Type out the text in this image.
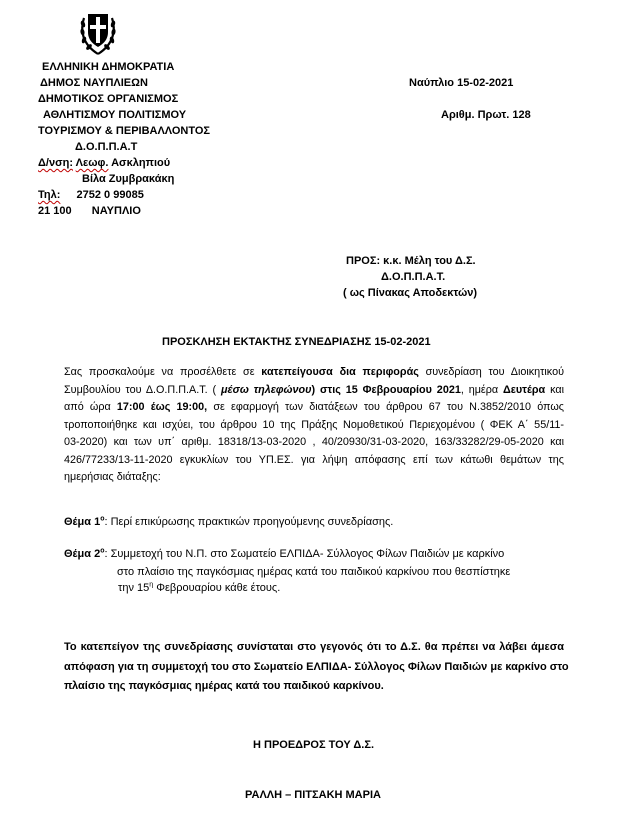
ΕΛΛΗΝΙΚΗ ΔΗΜΟΚΡΑΤΙΑ
ΔΗΜΟΣ ΝΑΥΠΛΙΕΩΝ
ΔΗΜΟΤΙΚΟΣ ΟΡΓΑΝΙΣΜΟΣ
ΑΘΛΗΤΙΣΜΟΥ ΠΟΛΙΤΙΣΜΟΥ
ΤΟΥΡΙΣΜΟΥ & ΠΕΡΙΒΑΛΛΟΝΤΟΣ
Δ.Ο.Π.Π.Α.Τ
Δ/νση: Λεωφ. Ασκληπιού
Βίλα Ζυμβρακάκη
Τηλ: 2752 0 99085
21 100 ΝΑΥΠΛΙΟ
Ναύπλιο 15-02-2021
Αριθμ. Πρωτ. 128
ΠΡΟΣ: κ.κ. Μέλη του Δ.Σ.
Δ.Ο.Π.Π.Α.Τ.
( ως Πίνακας Αποδεκτών)
ΠΡΟΣΚΛΗΣΗ ΕΚΤΑΚΤΗΣ ΣΥΝΕΔΡΙΑΣΗΣ 15-02-2021
Σας προσκαλούμε να προσέλθετε σε κατεπείγουσα δια περιφοράς συνεδρίαση του Διοικητικού
Συμβουλίου του Δ.Ο.Π.Π.Α.Τ. ( μέσω τηλεφώνου) στις 15 Φεβρουαρίου 2021, ημέρα Δευτέρα και
από ώρα 17:00 έως 19:00, σε εφαρμογή των διατάξεων του άρθρου 67 του Ν.3852/2010 όπως
τροποποιήθηκε και ισχύει, του άρθρου 10 της Πράξης Νομοθετικού Περιεχομένου ( ΦΕΚ Α΄ 55/11-
03-2020) και των υπ΄ αριθμ. 18318/13-03-2020 , 40/20930/31-03-2020, 163/33282/29-05-2020 και
426/77233/13-11-2020 εγκυκλίων του ΥΠ.ΕΣ. για λήψη απόφασης επί των κάτωθι θεμάτων της
ημερήσιας διάταξης:
Θέμα $1^o$: Περί επικύρωσης πρακτικών προηγούμενης συνεδρίασης.
Θέμα $2^o$: Συμμετοχή του Ν.Π. στο Σωματείο ΕΛΠΙΔΑ- Σύλλογος Φίλων Παιδιών με καρκίνο
στο πλαίσιο της παγκόσμιας ημέρας κατά του παιδικού καρκίνου που θεσπίστηκε
την $15^\eta$ Φεβρουαρίου κάθε έτους.
Το κατεπείγον της συνεδρίασης συνίσταται στο γεγονός ότι το Δ.Σ. θα πρέπει να λάβει άμεσα
απόφαση για τη συμμετοχή του στο Σωματείο ΕΛΠΙΔΑ- Σύλλογος Φίλων Παιδιών με καρκίνο στο
πλαίσιο της παγκόσμιας ημέρας κατά του παιδικού καρκίνου.
Η ΠΡΟΕΔΡΟΣ ΤΟΥ Δ.Σ.
ΡΑΛΛΗ – ΠΙΤΣΑΚΗ ΜΑΡΙΑ
